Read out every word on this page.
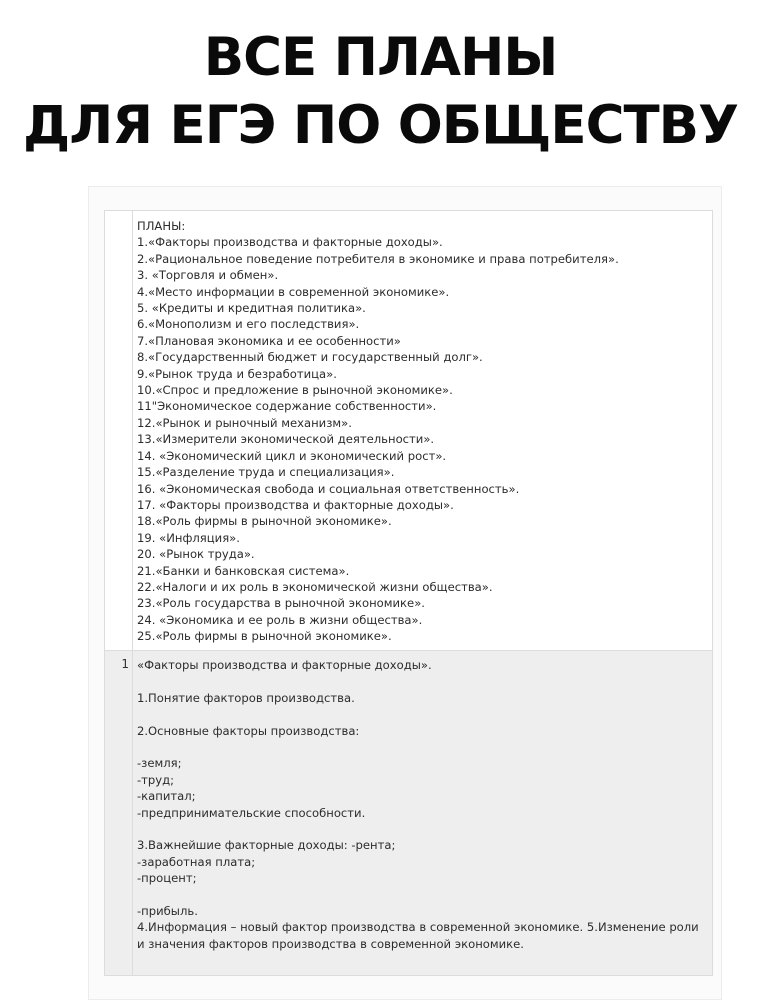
ВСЕ ПЛАНЫ
ДЛЯ ЕГЭ ПО ОБЩЕСТВУ
ПЛАНЫ:
1.«Факторы производства и факторные доходы».
2.«Рациональное поведение потребителя в экономике и права потребителя».
3. «Торговля и обмен».
4.«Место информации в современной экономике».
5. «Кредиты и кредитная политика».
6.«Монополизм и его последствия».
7.«Плановая экономика и ее особенности»
8.«Государственный бюджет и государственный долг».
9.«Рынок труда и безработица».
10.«Спрос и предложение в рыночной экономике».
11"Экономическое содержание собственности».
12.«Рынок и рыночный механизм».
13.«Измерители экономической деятельности».
14. «Экономический цикл и экономический рост».
15.«Разделение труда и специализация».
16. «Экономическая свобода и социальная ответственность».
17. «Факторы производства и факторные доходы».
18.«Роль фирмы в рыночной экономике».
19. «Инфляция».
20. «Рынок труда».
21.«Банки и банковская система».
22.«Налоги и их роль в экономической жизни общества».
23.«Роль государства в рыночной экономике».
24. «Экономика и ее роль в жизни общества».
25.«Роль фирмы в рыночной экономике».
1 «Факторы производства и факторные доходы».
1.Понятие факторов производства.
2.Основные факторы производства:
-земля;
-труд;
-капитал;
-предпринимательские способности.
3.Важнейшие факторные доходы: -рента;
-заработная плата;
-процент;
-прибыль.
4.Информация – новый фактор производства в современной экономике. 5.Изменение роли и значения факторов производства в современной экономике.
